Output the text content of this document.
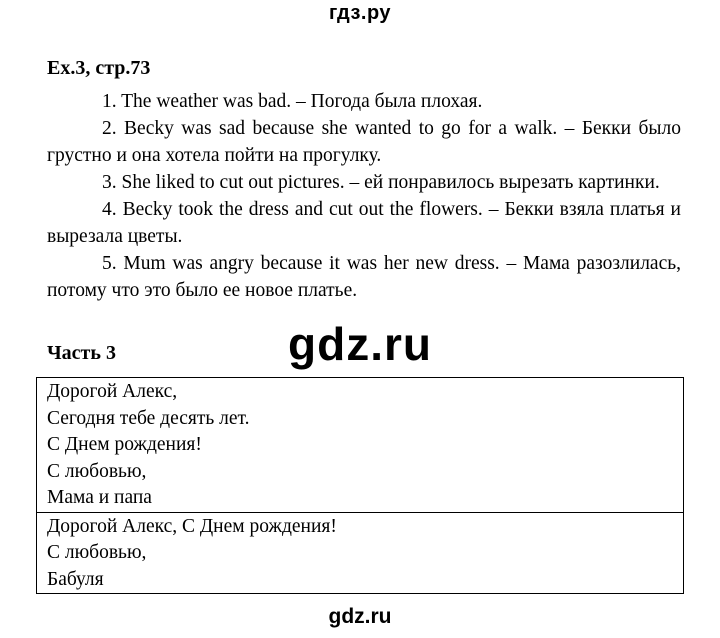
гдз.ру
Ex.3, стр.73

1. The weather was bad. – Погода была плохая.

2. Becky was sad because she wanted to go for a walk. – Бекки было грустно и она хотела пойти на прогулку.

3. She liked to cut out pictures. – ей понравилось вырезать картинки.

4. Becky took the dress and cut out the flowers. – Бекки взяла платья и вырезала цветы.

5. Mum was angry because it was her new dress. – Мама разозлилась, потому что это было ее новое платье.

gdz.ru
Часть 3
Дорогой Алекс,
Сегодня тебе десять лет.
С Днем рождения!
С любовью,
Мама и папа
Дорогой Алекс, С Днем рождения!
С любовью,
Бабуля
gdz.ru
